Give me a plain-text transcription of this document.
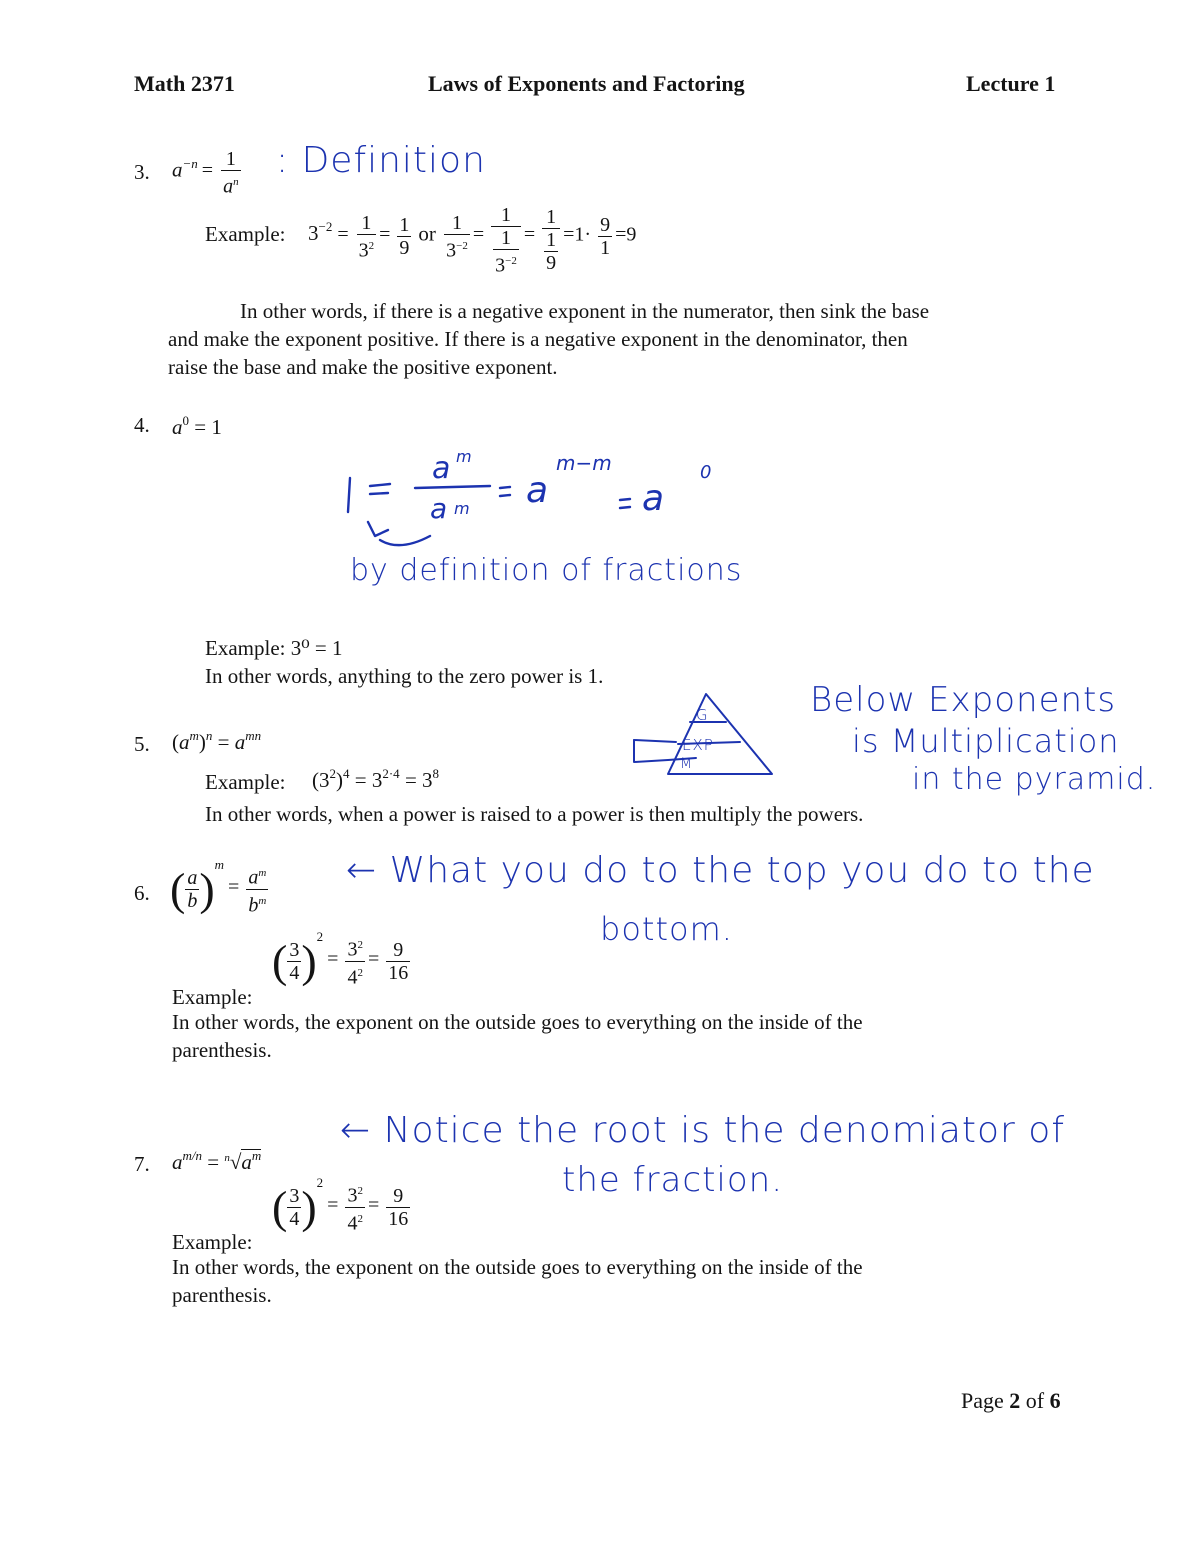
Math 2371	Laws of Exponents and Factoring	Lecture 1
3. $a^{-n} = \frac{1}{a^n}$ : Definition
Example: $3^{-2} = \frac{1}{3^2} = \frac{1}{9}$ or $\frac{1}{3^{-2}} = \frac{1}{\frac{1}{3^{-2}}} = \frac{1}{\frac{1}{9}} =1\cdot \frac{9}{1} =9$
In other words, if there is a negative exponent in the numerator, then sink the base
and make the exponent positive. If there is a negative exponent in the denominator, then
raise the base and make the positive exponent.
4. $a^0 = 1$
a m
a m a
m−m
a
0
by definition of fractions
Example: 3⁰ = 1
In other words, anything to the zero power is 1.
5. $(a^m)^n = a^{mn}$
G
EXP
M
Below Exponents
is Multiplication
in the pyramid.
Example: $(3^2)^4 = 3^{2\cdot 4} = 3^8$
In other words, when a power is raised to a power is then multiply the powers.
6. ( $\frac{a}{b} )^m = \frac{a^m}{b^m}$ ← What you do to the top you do to the
bottom.
( $\frac{3}{4} )^2 = \frac{3^2}{4^2} = \frac{9}{16}$
Example:
In other words, the exponent on the outside goes to everything on the inside of the
parenthesis.
7. $a^{m/n} = ^n√a^m$
← Notice the root is the denomiator of
the fraction.
( $\frac{3}{4} )^2 = \frac{3^2}{4^2} = \frac{9}{16}$
Example:
In other words, the exponent on the outside goes to everything on the inside of the
parenthesis.
Page 2 of 6
